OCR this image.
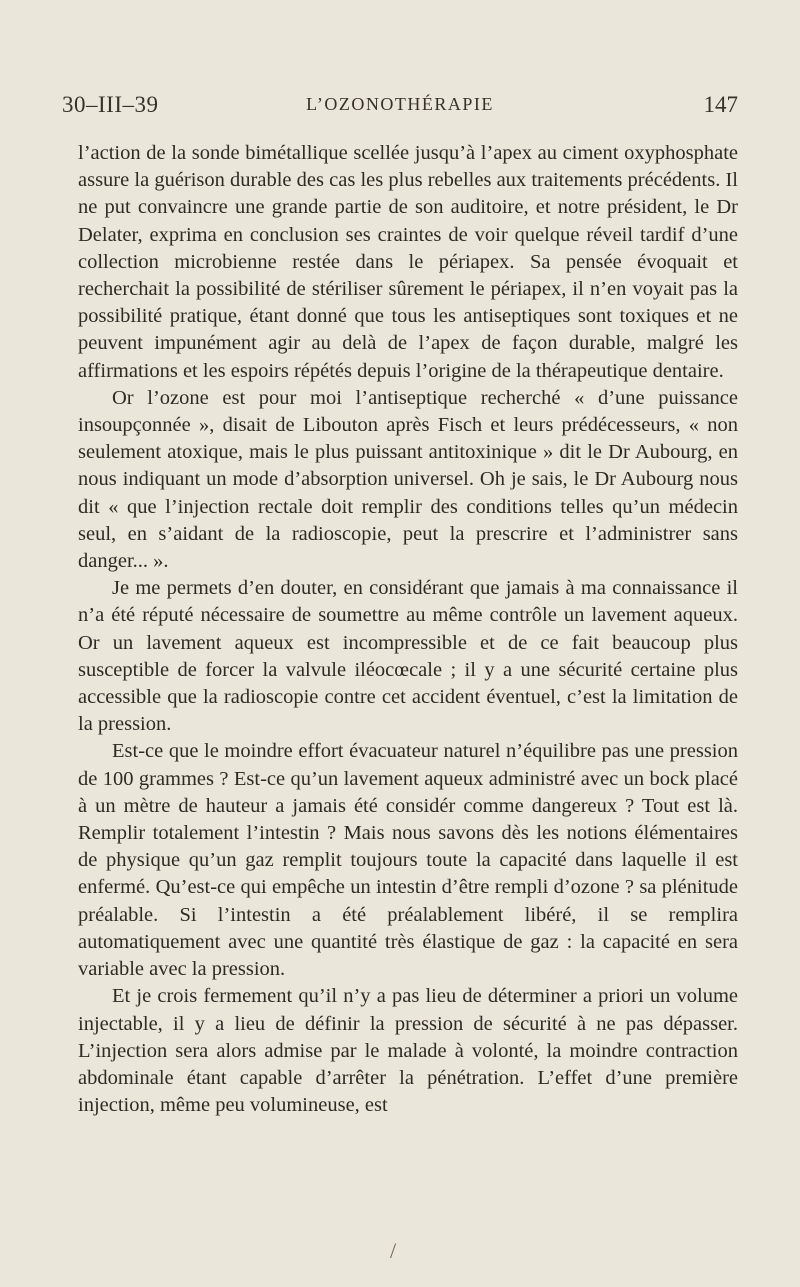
30–III–39	L’OZONOTHÉRAPIE	147

l’action de la sonde bimétallique scellée jusqu’à l’apex au ciment oxyphosphate assure la guérison durable des cas les plus rebelles aux traitements précédents. Il ne put convaincre une grande partie de son auditoire, et notre président, le Dr Delater, exprima en conclusion ses craintes de voir quelque réveil tardif d’une collection microbienne restée dans le périapex. Sa pensée évoquait et recherchait la possibilité de stériliser sûrement le périapex, il n’en voyait pas la possibilité pratique, étant donné que tous les antiseptiques sont toxiques et ne peuvent impunément agir au delà de l’apex de façon durable, malgré les affirmations et les espoirs répétés depuis l’origine de la thérapeutique dentaire.

Or l’ozone est pour moi l’antiseptique recherché « d’une puissance insoupçonnée », disait de Libouton après Fisch et leurs prédécesseurs, « non seulement atoxique, mais le plus puissant antitoxinique » dit le Dr Aubourg, en nous indiquant un mode d’absorption universel. Oh je sais, le Dr Aubourg nous dit « que l’injection rectale doit remplir des conditions telles qu’un médecin seul, en s’aidant de la radioscopie, peut la prescrire et l’administrer sans danger... ».

Je me permets d’en douter, en considérant que jamais à ma connaissance il n’a été réputé nécessaire de soumettre au même contrôle un lavement aqueux. Or un lavement aqueux est incompressible et de ce fait beaucoup plus susceptible de forcer la valvule iléocœcale ; il y a une sécurité certaine plus accessible que la radioscopie contre cet accident éventuel, c’est la limitation de la pression.

Est-ce que le moindre effort évacuateur naturel n’équilibre pas une pression de 100 grammes ? Est-ce qu’un lavement aqueux administré avec un bock placé à un mètre de hauteur a jamais été considér comme dangereux ? Tout est là. Remplir totalement l’intestin ? Mais nous savons dès les notions élémentaires de physique qu’un gaz remplit toujours toute la capacité dans laquelle il est enfermé. Qu’est-ce qui empêche un intestin d’être rempli d’ozone ? sa plénitude préalable. Si l’intestin a été préalablement libéré, il se remplira automatiquement avec une quantité très élastique de gaz : la capacité en sera variable avec la pression.

Et je crois fermement qu’il n’y a pas lieu de déterminer a priori un volume injectable, il y a lieu de définir la pression de sécurité à ne pas dépasser. L’injection sera alors admise par le malade à volonté, la moindre contraction abdominale étant capable d’arrêter la pénétration. L’effet d’une première injection, même peu volumineuse, est

/
